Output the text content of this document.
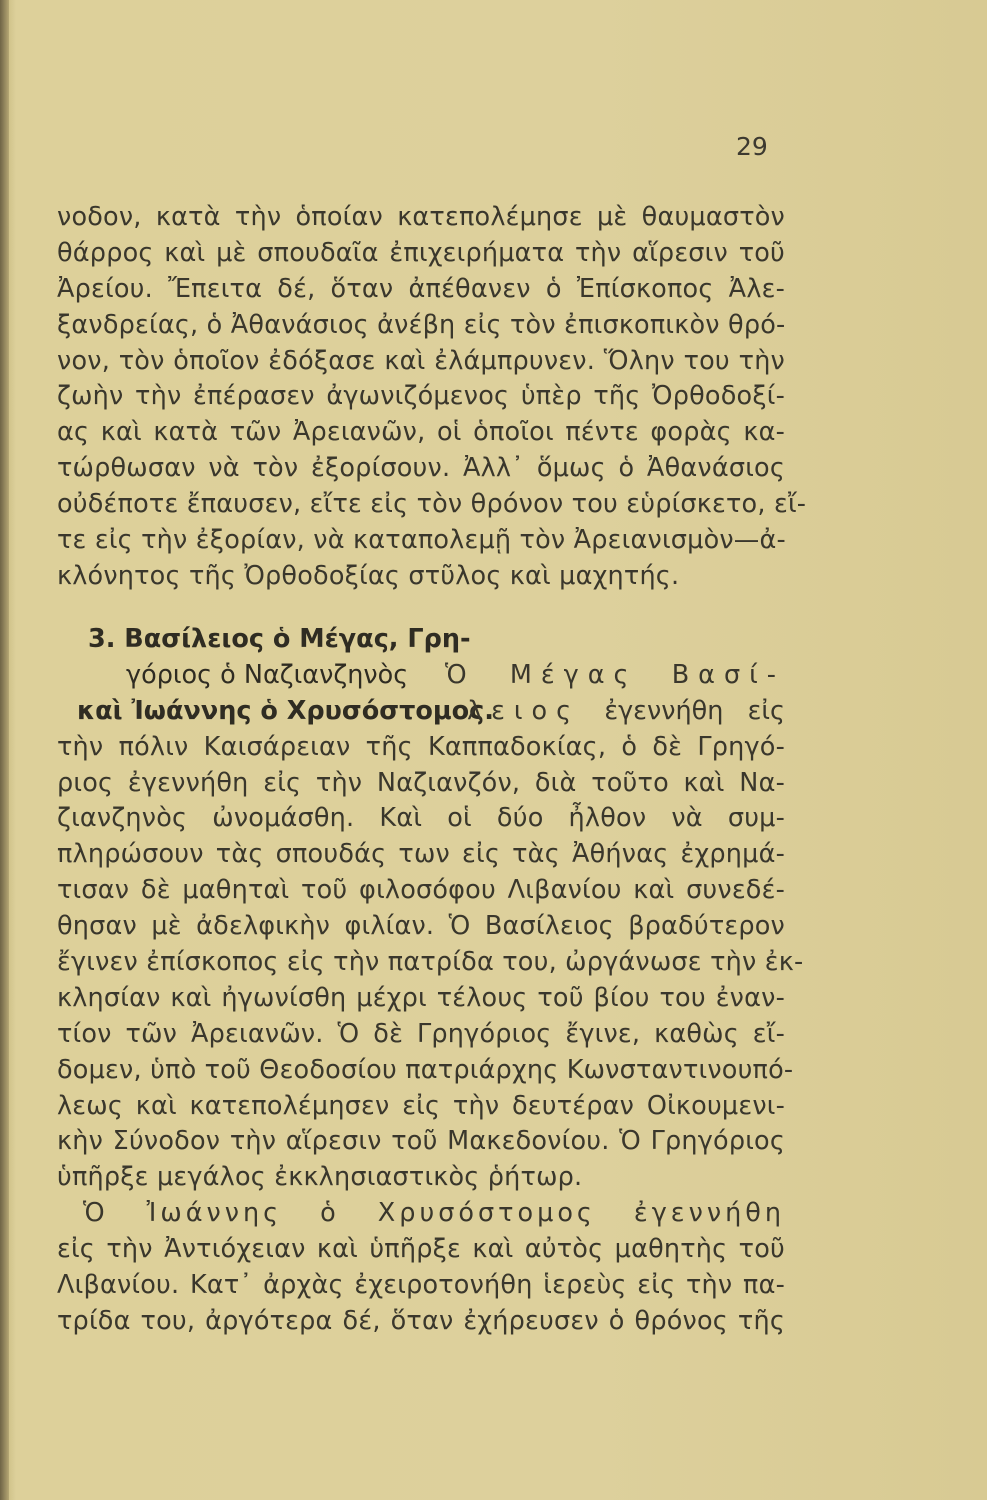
29
νοδον, κατὰ τὴν ὁποίαν κατεπολέμησε μὲ θαυμαστὸν
θάρρος καὶ μὲ σπουδαῖα ἐπιχειρήματα τὴν αἵρεσιν τοῦ
Ἀρείου. Ἔπειτα δέ, ὅταν ἀπέθανεν ὁ Ἐπίσκοπος Ἀλε-
ξανδρείας, ὁ Ἀθανάσιος ἀνέβη εἰς τὸν ἐπισκοπικὸν θρό-
νον, τὸν ὁποῖον ἐδόξασε καὶ ἐλάμπρυνεν. Ὅλην του τὴν
ζωὴν τὴν ἐπέρασεν ἀγωνιζόμενος ὑπὲρ τῆς Ὀρθοδοξί-
ας καὶ κατὰ τῶν Ἀρειανῶν, οἱ ὁποῖοι πέντε φορὰς κα-
τώρθωσαν νὰ τὸν ἐξορίσουν. Ἀλλ᾽ ὅμως ὁ Ἀθανάσιος
οὐδέποτε ἔπαυσεν, εἴτε εἰς τὸν θρόνον του εὑρίσκετο, εἴ-
τε εἰς τὴν ἐξορίαν, νὰ καταπολεμῇ τὸν Ἀρειανισμὸν—ἀ-
κλόνητος τῆς Ὀρθοδοξίας στῦλος καὶ μαχητής.
3. Βασίλειος ὁ Μέγας, Γρη-
γόριος ὁ Ναζιανζηνὸς Ὁ Μέγας Βασί-
καὶ Ἰωάννης ὁ Χρυσόστομος.
λειος ἐγεννήθη εἰς
τὴν πόλιν Καισάρειαν τῆς Καππαδοκίας, ὁ δὲ Γρηγό-
ριος ἐγεννήθη εἰς τὴν Ναζιανζόν, διὰ τοῦτο καὶ Να-
ζιανζηνὸς ὠνομάσθη. Καὶ οἱ δύο ἦλθον νὰ συμ-
πληρώσουν τὰς σπουδάς των εἰς τὰς Ἀθήνας ἐχρημά-
τισαν δὲ μαθηταὶ τοῦ φιλοσόφου Λιβανίου καὶ συνεδέ-
θησαν μὲ ἀδελφικὴν φιλίαν. Ὁ Βασίλειος βραδύτερον
ἔγινεν ἐπίσκοπος εἰς τὴν πατρίδα του, ὠργάνωσε τὴν ἐκ-
κλησίαν καὶ ἠγωνίσθη μέχρι τέλους τοῦ βίου του ἐναν-
τίον τῶν Ἀρειανῶν. Ὁ δὲ Γρηγόριος ἔγινε, καθὼς εἴ-
δομεν, ὑπὸ τοῦ Θεοδοσίου πατριάρχης Κωνσταντινουπό-
λεως καὶ κατεπολέμησεν εἰς τὴν δευτέραν Οἰκουμενι-
κὴν Σύνοδον τὴν αἵρεσιν τοῦ Μακεδονίου. Ὁ Γρηγόριος
ὑπῆρξε μεγάλος ἐκκλησιαστικὸς ῥήτωρ.
Ὁ Ἰωάννης ὁ Χρυσόστομος ἐγεννήθη
εἰς τὴν Ἀντιόχειαν καὶ ὑπῆρξε καὶ αὐτὸς μαθητὴς τοῦ
Λιβανίου. Κατ᾽ ἀρχὰς ἐχειροτονήθη ἱερεὺς εἰς τὴν πα-
τρίδα του, ἀργότερα δέ, ὅταν ἐχήρευσεν ὁ θρόνος τῆς
